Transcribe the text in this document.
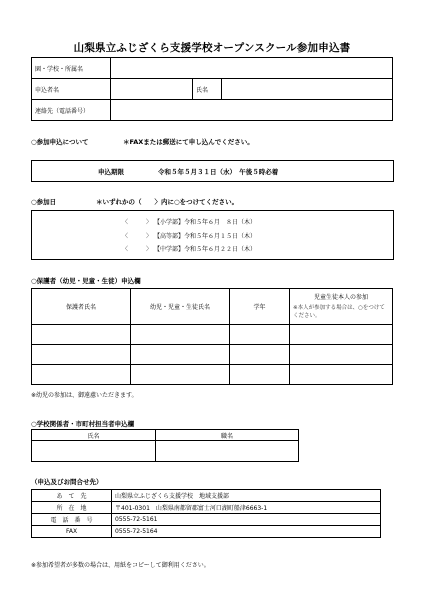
山梨県立ふじざくら支援学校オープンスクール参加申込書
園・学校・所属名			
申込者名		氏名	
連絡先（電話番号）			
○参加申込について	＊FAXまたは郵送にて申し込んでください。
申込期限	令和５年５月３１日（水）　午後５時必着
○参加日	＊いずれかの（　　〉内に○をつけてください。
〈　　　〉 【小学部】令和５年６月　８日（木）
〈　　　〉 【高等部】令和５年６月１５日（木）
〈　　　〉 【中学部】令和５年６月２２日（木）
○保護者（幼児・児童・生徒）申込欄
保護者氏名	幼児・児童・生徒氏名	学年	児童生徒本人の参加
※本人が参加する場合は、○をつけてください。

※幼児の参加は、御遠慮いただきます。
○学校関係者・市町村担当者申込欄
氏名	職名

（申込及びお問合せ先）
あ　て　先	山梨県立ふじざくら支援学校　地域支援部
所　在　地	〒401-0301　山梨県南都留郡富士河口湖町船津6663-1
電　話　番　号	0555-72-5161
FAX	0555-72-5164
※参加希望者が多数の場合は、用紙をコピーして御利用ください。
